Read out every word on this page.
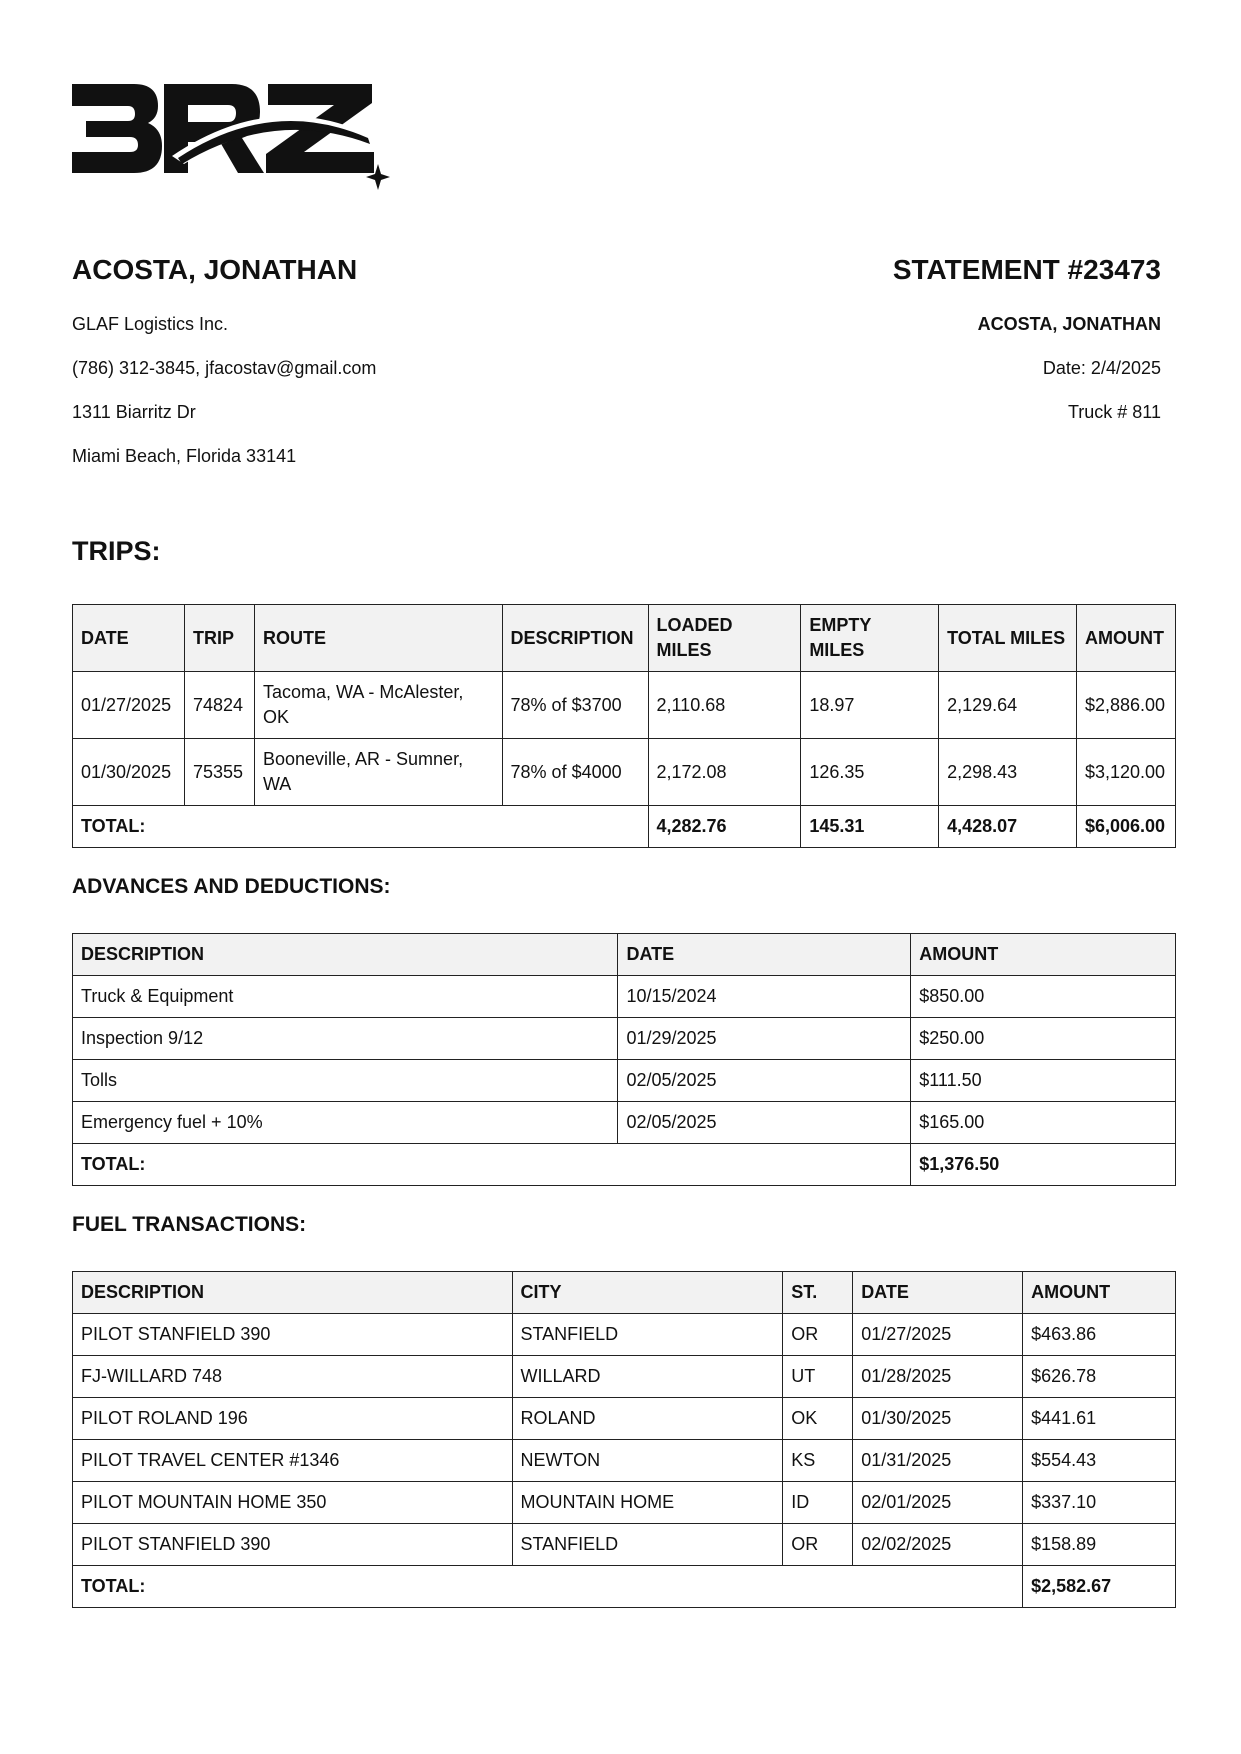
ACOSTA, JONATHAN	STATEMENT #23473
GLAF Logistics Inc.
(786) 312-3845, jfacostav@gmail.com
1311 Biarritz Dr
Miami Beach, Florida 33141
ACOSTA, JONATHAN
Date: 2/4/2025
Truck # 811
TRIPS:
DATE	TRIP	ROUTE	DESCRIPTION	LOADED MILES	EMPTY MILES	TOTAL MILES	AMOUNT
01/27/2025	74824	Tacoma, WA - McAlester, OK	78% of $3700	2,110.68	18.97	2,129.64	$2,886.00
01/30/2025	75355	Booneville, AR - Sumner, WA	78% of $4000	2,172.08	126.35	2,298.43	$3,120.00
TOTAL:				4,282.76	145.31	4,428.07	$6,006.00
ADVANCES AND DEDUCTIONS:
DESCRIPTION	DATE	AMOUNT
Truck & Equipment	10/15/2024	$850.00
Inspection 9/12	01/29/2025	$250.00
Tolls	02/05/2025	$111.50
Emergency fuel + 10%	02/05/2025	$165.00
TOTAL:		$1,376.50
FUEL TRANSACTIONS:
DESCRIPTION	CITY	ST.	DATE	AMOUNT
PILOT STANFIELD 390	STANFIELD	OR	01/27/2025	$463.86
FJ-WILLARD 748	WILLARD	UT	01/28/2025	$626.78
PILOT ROLAND 196	ROLAND	OK	01/30/2025	$441.61
PILOT TRAVEL CENTER #1346	NEWTON	KS	01/31/2025	$554.43
PILOT MOUNTAIN HOME 350	MOUNTAIN HOME	ID	02/01/2025	$337.10
PILOT STANFIELD 390	STANFIELD	OR	02/02/2025	$158.89
TOTAL:				$2,582.67
